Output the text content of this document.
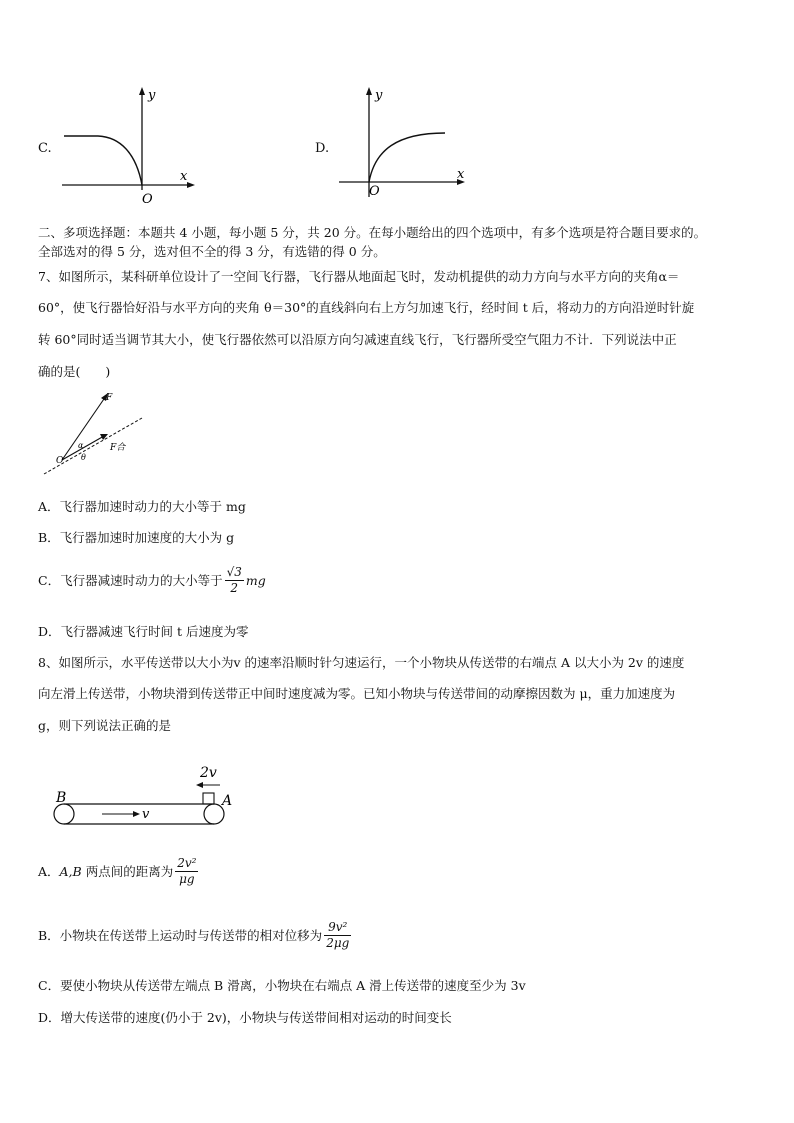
C.
y
x
O
D.
y
x
O
二、多项选择题：本题共 4 小题，每小题 5 分，共 20 分。在每小题给出的四个选项中，有多个选项是符合题目要求的。
全部选对的得 5 分，选对但不全的得 3 分，有选错的得 0 分。
7、如图所示，某科研单位设计了一空间飞行器，飞行器从地面起飞时，发动机提供的动力方向与水平方向的夹角α＝
60°，使飞行器恰好沿与水平方向的夹角 θ＝30°的直线斜向右上方匀加速飞行，经时间 t 后，将动力的方向沿逆时针旋
转 60°同时适当调节其大小，使飞行器依然可以沿原方向匀减速直线飞行，飞行器所受空气阻力不计．下列说法中正
确的是(　　)
F
F合
α
θ
O
A．飞行器加速时动力的大小等于 mg
B．飞行器加速时加速度的大小为 g
C．飞行器减速时动力的大小等于 $\frac{√3}{2}$ mg
D．飞行器减速飞行时间 t 后速度为零
8、如图所示，水平传送带以大小为v 的速率沿顺时针匀速运行，一个小物块从传送带的右端点 A 以大小为 2v 的速度
向左滑上传送带，小物块滑到传送带正中间时速度减为零。已知小物块与传送带间的动摩擦因数为 μ，重力加速度为
g，则下列说法正确的是
B	A
v
2v
A． A,B 两点间的距离为 $\frac{\text{2v²}}{\mu g}$
B．小物块在传送带上运动时与传送带的相对位移为 $\frac{\text{9v²}}{2\mu g}$
C．要使小物块从传送带左端点 B 滑离，小物块在右端点 A 滑上传送带的速度至少为 3v
D．增大传送带的速度(仍小于 2v)，小物块与传送带间相对运动的时间变长
